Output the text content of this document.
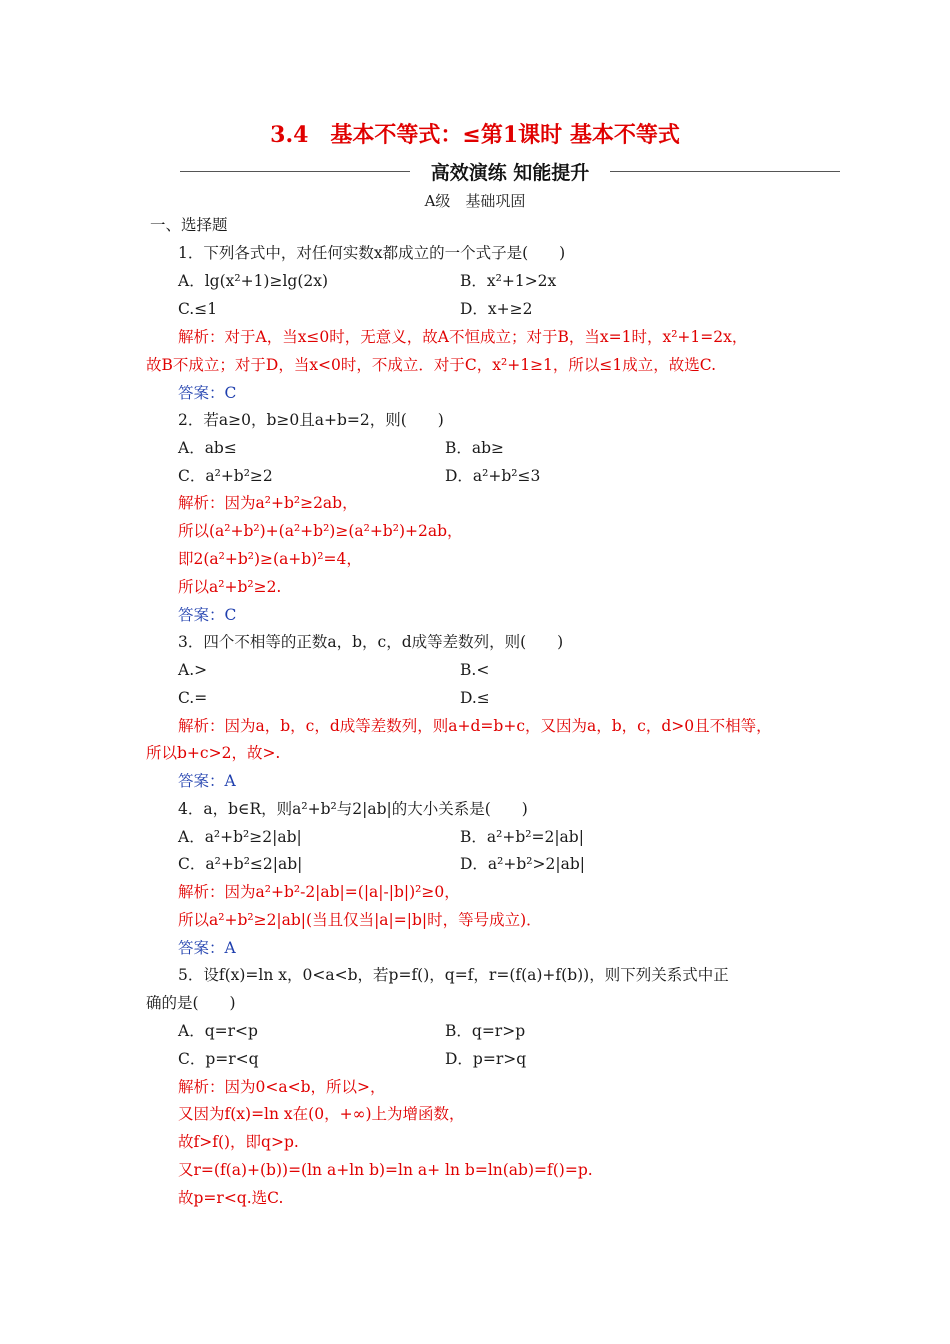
3.4　基本不等式：≤第1课时 基本不等式
高效演练 知能提升
A级　基础巩固
一、选择题
1．下列各式中，对任何实数x都成立的一个式子是(　　)
A．lg(x²+1)≥lg(2x)	B．x²+1>2x
C.≤1	D．x+≥2
解析：对于A，当x≤0时，无意义，故A不恒成立；对于B，当x=1时，x²+1=2x，
故B不成立；对于D，当x<0时，不成立．对于C，x²+1≥1，所以≤1成立，故选C.
答案：C
2．若a≥0，b≥0且a+b=2，则(　　)
A．ab≤	B．ab≥
C．a²+b²≥2	D．a²+b²≤3
解析：因为a²+b²≥2ab，
所以(a²+b²)+(a²+b²)≥(a²+b²)+2ab，
即2(a²+b²)≥(a+b)²=4，
所以a²+b²≥2.
答案：C
3．四个不相等的正数a，b，c，d成等差数列，则(　　)
A.>	B.<
C.=	D.≤
解析：因为a，b，c，d成等差数列，则a+d=b+c，又因为a，b，c，d>0且不相等，
所以b+c>2，故>.
答案：A
4．a，b∈R，则a²+b²与2|ab|的大小关系是(　　)
A．a²+b²≥2|ab|	B．a²+b²=2|ab|
C．a²+b²≤2|ab|	D．a²+b²>2|ab|
解析：因为a²+b²-2|ab|=(|a|-|b|)²≥0，
所以a²+b²≥2|ab|(当且仅当|a|=|b|时，等号成立)．
答案：A
5．设f(x)=ln x，0<a<b，若p=f()，q=f，r=(f(a)+f(b))，则下列关系式中正
确的是(　　)
A．q=r<p	B．q=r>p
C．p=r<q	D．p=r>q
解析：因为0<a<b，所以>，
又因为f(x)=ln x在(0，+∞)上为增函数，
故f>f()，即q>p.
又r=(f(a)+(b))=(ln a+ln b)=ln a+ ln b=ln(ab)=f()=p.
故p=r<q.选C.
